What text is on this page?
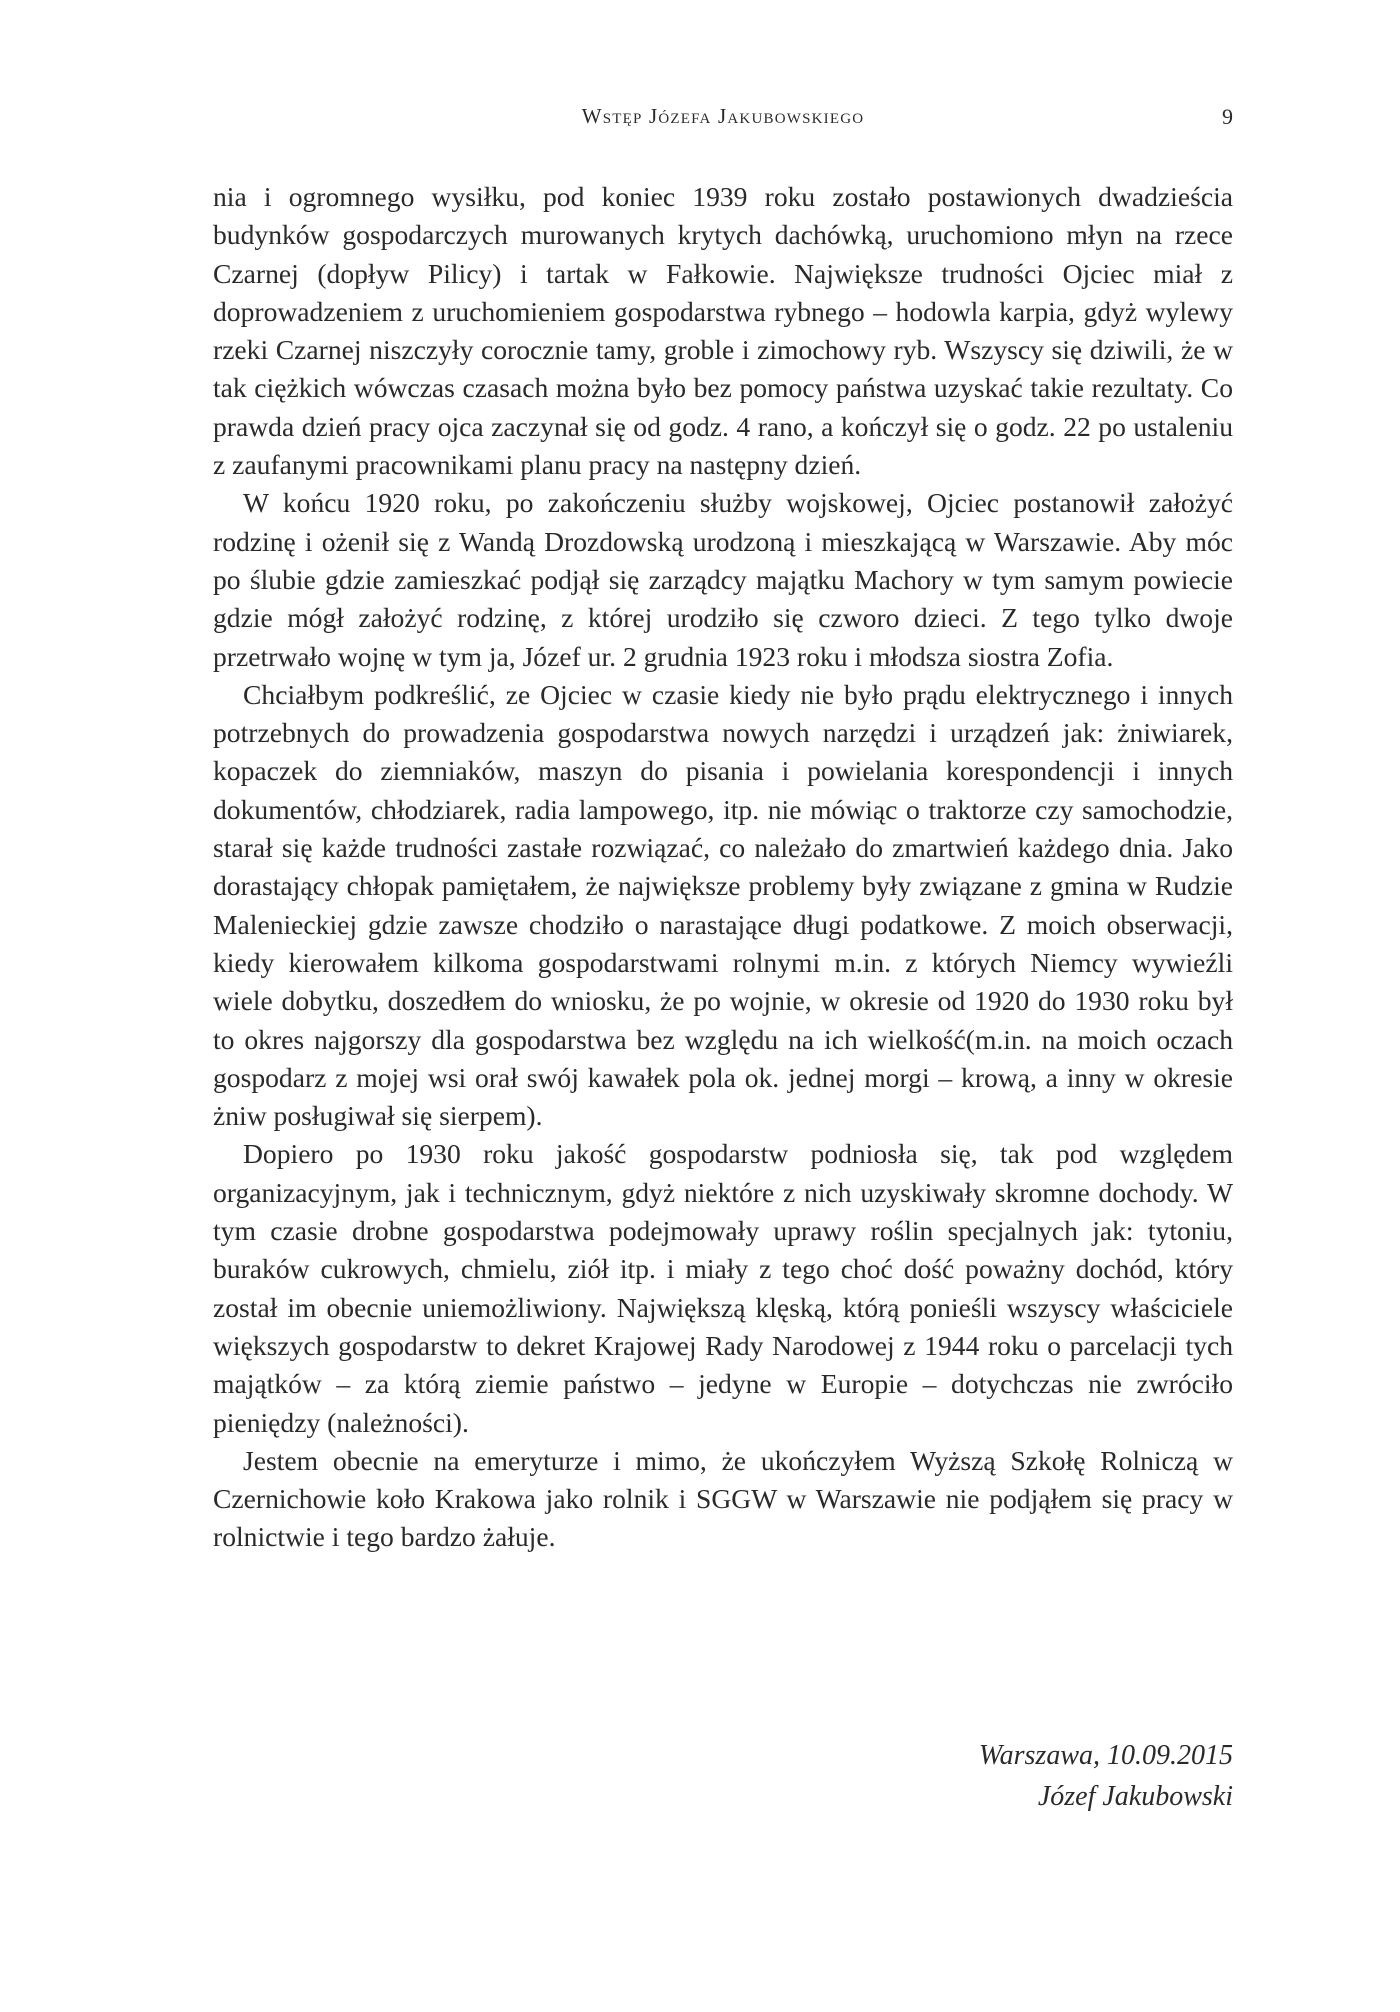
Wstęp Józefa Jakubowskiego	9

nia i ogromnego wysiłku, pod koniec 1939 roku zostało postawionych dwadzieścia budynków gospodarczych murowanych krytych dachówką, uruchomiono młyn na rzece Czarnej (dopływ Pilicy) i tartak w Fałkowie. Największe trudności Ojciec miał z doprowadzeniem z uruchomieniem gospodarstwa rybnego – hodowla karpia, gdyż wylewy rzeki Czarnej niszczyły corocznie tamy, groble i zimochowy ryb. Wszyscy się dziwili, że w tak ciężkich wówczas czasach można było bez pomocy państwa uzyskać takie rezultaty. Co prawda dzień pracy ojca zaczynał się od godz. 4 rano, a kończył się o godz. 22 po ustaleniu z zaufanymi pracownikami planu pracy na następny dzień.

W końcu 1920 roku, po zakończeniu służby wojskowej, Ojciec postanowił założyć rodzinę i ożenił się z Wandą Drozdowską urodzoną i mieszkającą w Warszawie. Aby móc po ślubie gdzie zamieszkać podjął się zarządcy majątku Machory w tym samym powiecie gdzie mógł założyć rodzinę, z której urodziło się czworo dzieci. Z tego tylko dwoje przetrwało wojnę w tym ja, Józef ur. 2 grudnia 1923 roku i młodsza siostra Zofia.

Chciałbym podkreślić, ze Ojciec w czasie kiedy nie było prądu elektrycznego i innych potrzebnych do prowadzenia gospodarstwa nowych narzędzi i urządzeń jak: żniwiarek, kopaczek do ziemniaków, maszyn do pisania i powielania korespondencji i innych dokumentów, chłodziarek, radia lampowego, itp. nie mówiąc o traktorze czy samochodzie, starał się każde trudności zastałe rozwiązać, co należało do zmartwień każdego dnia. Jako dorastający chłopak pamiętałem, że największe problemy były związane z gmina w Rudzie Malenieckiej gdzie zawsze chodziło o narastające długi podatkowe. Z moich obserwacji, kiedy kierowałem kilkoma gospodarstwami rolnymi m.in. z których Niemcy wywieźli wiele dobytku, doszedłem do wniosku, że po wojnie, w okresie od 1920 do 1930 roku był to okres najgorszy dla gospodarstwa bez względu na ich wielkość(m.in. na moich oczach gospodarz z mojej wsi orał swój kawałek pola ok. jednej morgi – krową, a inny w okresie żniw posługiwał się sierpem).

Dopiero po 1930 roku jakość gospodarstw podniosła się, tak pod względem organizacyjnym, jak i technicznym, gdyż niektóre z nich uzyskiwały skromne dochody. W tym czasie drobne gospodarstwa podejmowały uprawy roślin specjalnych jak: tytoniu, buraków cukrowych, chmielu, ziół itp. i miały z tego choć dość poważny dochód, który został im obecnie uniemożliwiony. Największą klęską, którą ponieśli wszyscy właściciele większych gospodarstw to dekret Krajowej Rady Narodowej z 1944 roku o parcelacji tych majątków – za którą ziemie państwo – jedyne w Europie – dotychczas nie zwróciło pieniędzy (należności).

Jestem obecnie na emeryturze i mimo, że ukończyłem Wyższą Szkołę Rolniczą w Czernichowie koło Krakowa jako rolnik i SGGW w Warszawie nie podjąłem się pracy w rolnictwie i tego bardzo żałuje.

Warszawa, 10.09.2015
Józef Jakubowski
